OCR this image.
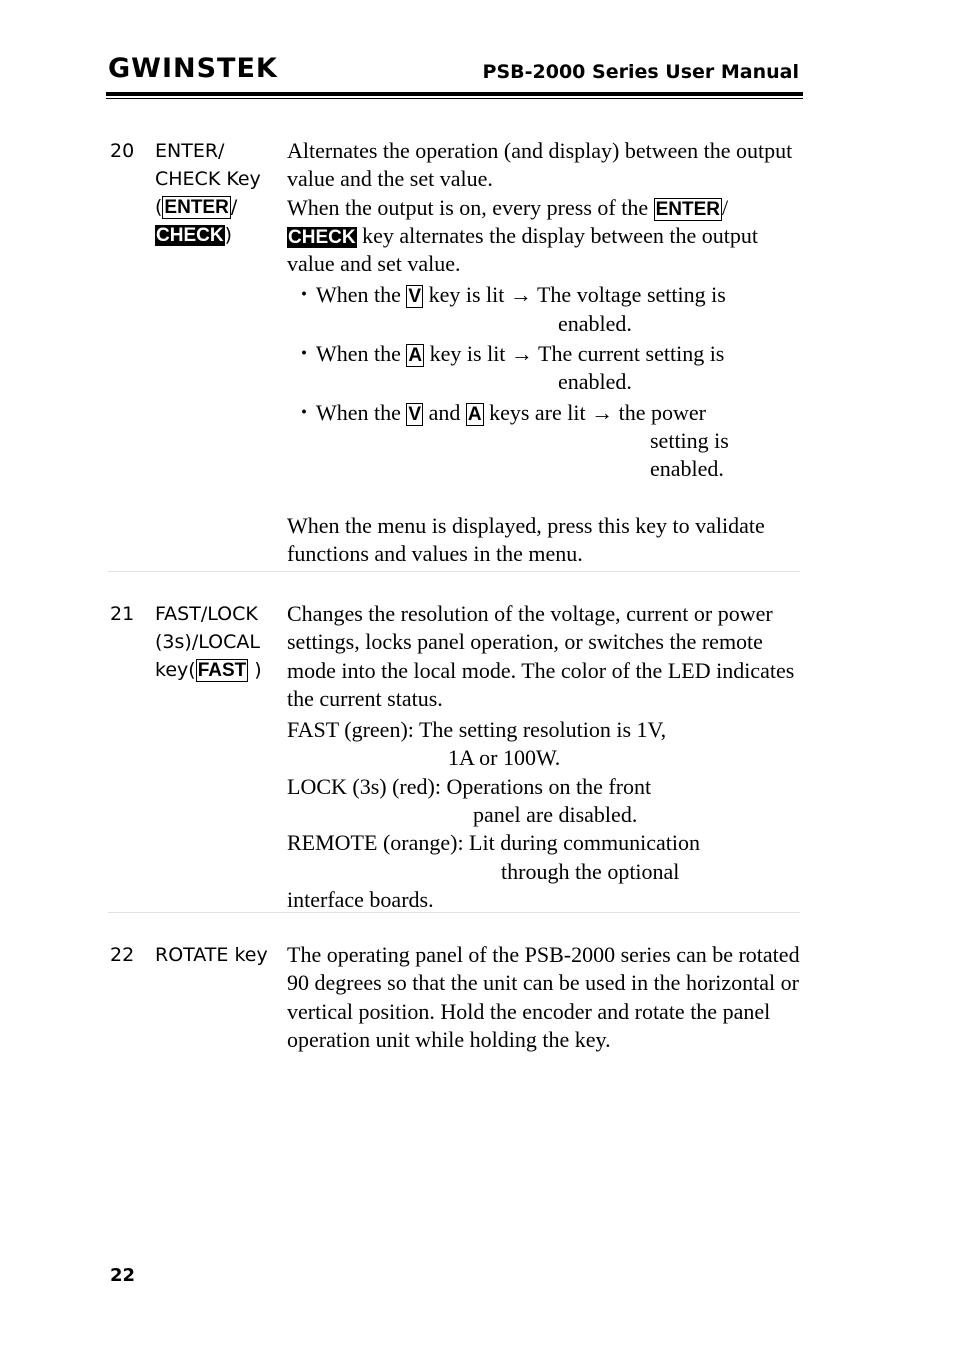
GWINSTEK	PSB-2000 Series User Manual
20 ENTER/
CHECK Key
( ENTER /
CHECK)

Alternates the operation (and display) between the output value and the set value.

When the output is on, every press of the ENTER/
CHECK key alternates the display between the output value and set value.

・ When the V key is lit → The voltage setting is
enabled.
・ When the A key is lit → The current setting is
enabled.
・ When the V and A keys are lit → the power
setting is
enabled.

When the menu is displayed, press this key to validate functions and values in the menu.

21 FAST/LOCK
(3s)/LOCAL
key( FAST )

Changes the resolution of the voltage, current or power settings, locks panel operation, or switches the remote mode into the local mode. The color of the LED indicates the current status.

FAST (green): The setting resolution is 1V,
1A or 100W.
LOCK (3s) (red): Operations on the front
panel are disabled.
REMOTE (orange): Lit during communication
through the optional
interface boards.
22 ROTATE key The operating panel of the PSB-2000 series can be rotated 90 degrees so that the unit can be used in the horizontal or vertical position. Hold the encoder and rotate the panel operation unit while holding the key.

22
